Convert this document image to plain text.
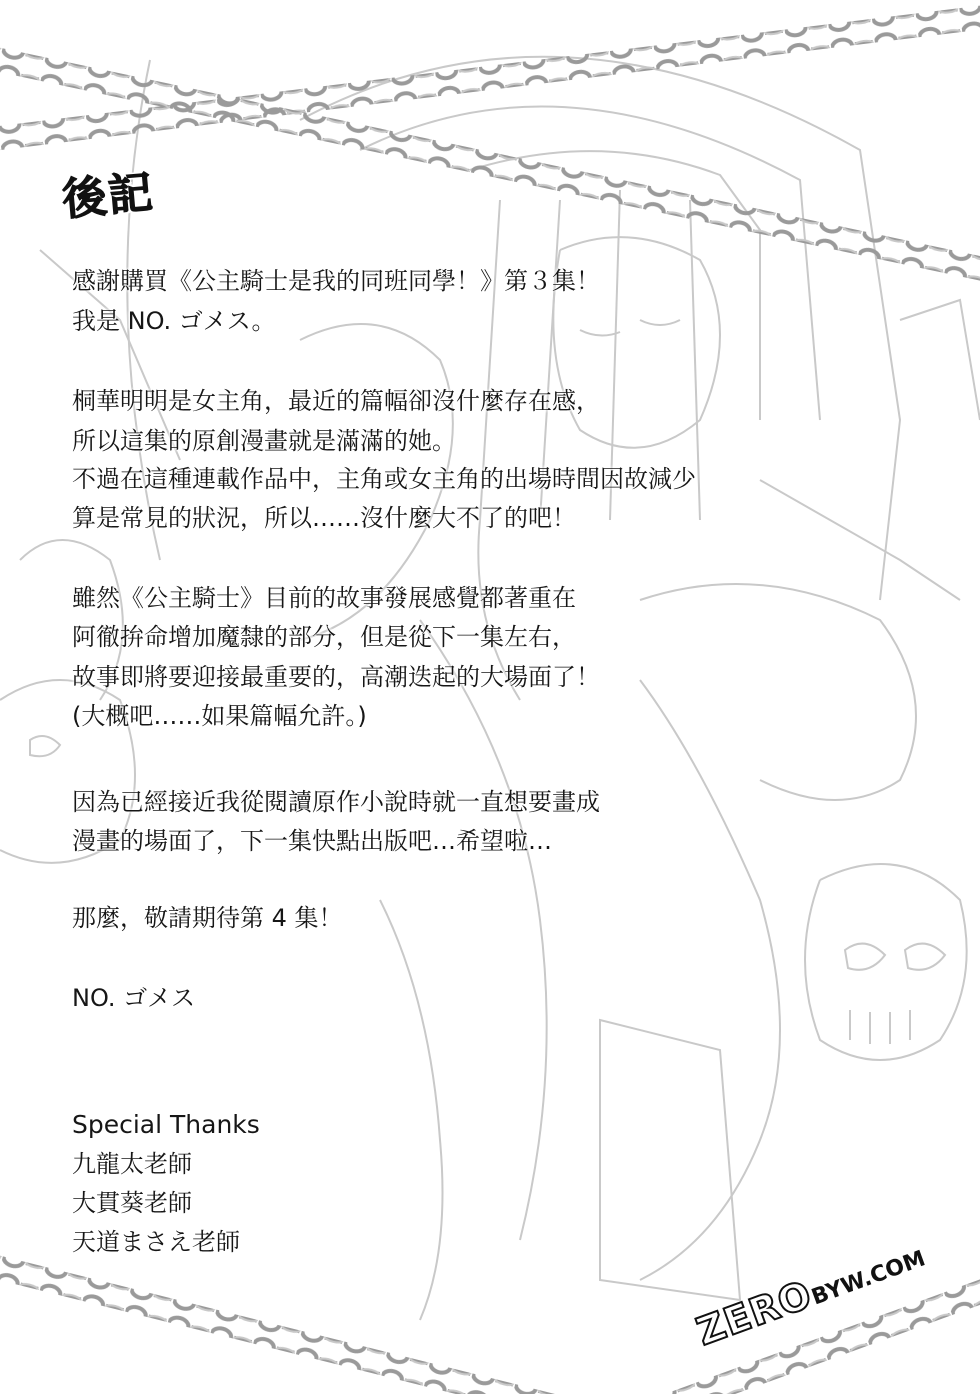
後記
感謝購買《公主騎士是我的同班同學！》第３集！
我是 NO. ゴメス。
桐華明明是女主角，最近的篇幅卻沒什麼存在感，
所以這集的原創漫畫就是滿滿的她。
不過在這種連載作品中，主角或女主角的出場時間因故減少
算是常見的狀況，所以……沒什麼大不了的吧！
雖然《公主騎士》目前的故事發展感覺都著重在
阿徹拚命增加魔隸的部分，但是從下一集左右，
故事即將要迎接最重要的，高潮迭起的大場面了！
(大概吧……如果篇幅允許。)
因為已經接近我從閱讀原作小說時就一直想要畫成
漫畫的場面了，下一集快點出版吧…希望啦…
那麼，敬請期待第 4 集！
NO. ゴメス
Special Thanks
九龍太老師
大貫葵老師
天道まさえ老師
ZEROBYW.COM
